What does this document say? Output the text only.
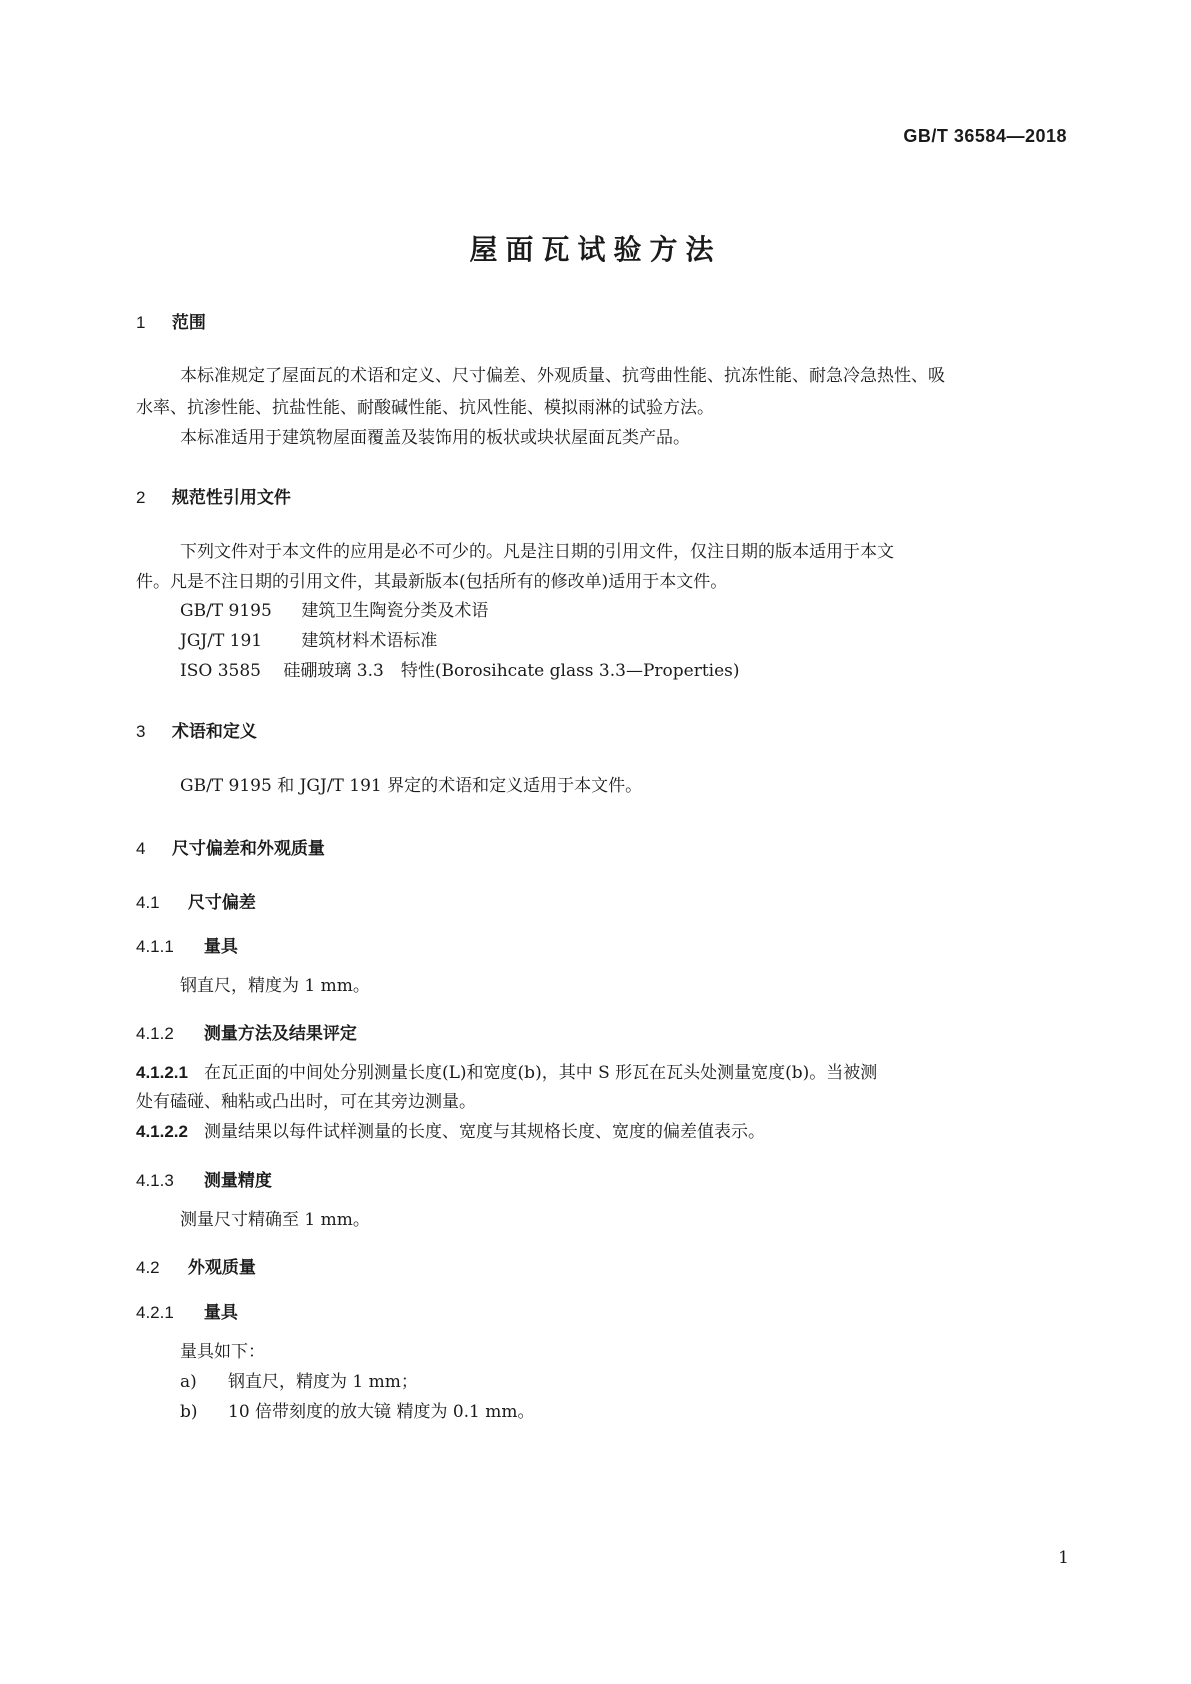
GB/T 36584—2018
屋面瓦试验方法
1 范围
本标准规定了屋面瓦的术语和定义、尺寸偏差、外观质量、抗弯曲性能、抗冻性能、耐急冷急热性、吸
水率、抗渗性能、抗盐性能、耐酸碱性能、抗风性能、模拟雨淋的试验方法。
本标准适用于建筑物屋面覆盖及装饰用的板状或块状屋面瓦类产品。
2 规范性引用文件
下列文件对于本文件的应用是必不可少的。凡是注日期的引用文件，仅注日期的版本适用于本文
件。凡是不注日期的引用文件，其最新版本(包括所有的修改单)适用于本文件。
GB/T 9195 建筑卫生陶瓷分类及术语
JGJ/T 191 建筑材料术语标准
ISO 3585 硅硼玻璃 3.3　特性(Borosihcate glass 3.3—Properties)
3 术语和定义
GB/T 9195 和 JGJ/T 191 界定的术语和定义适用于本文件。
4 尺寸偏差和外观质量
4.1 尺寸偏差
4.1.1 量具
钢直尺，精度为 1 mm。
4.1.2 测量方法及结果评定
4.1.2.1 在瓦正面的中间处分别测量长度(L)和宽度(b)，其中 S 形瓦在瓦头处测量宽度(b)。当被测
处有磕碰、釉粘或凸出时，可在其旁边测量。
4.1.2.2 测量结果以每件试样测量的长度、宽度与其规格长度、宽度的偏差值表示。
4.1.3 测量精度
测量尺寸精确至 1 mm。
4.2 外观质量
4.2.1 量具
量具如下：
a) 钢直尺，精度为 1 mm；
b) 10 倍带刻度的放大镜 精度为 0.1 mm。
1
